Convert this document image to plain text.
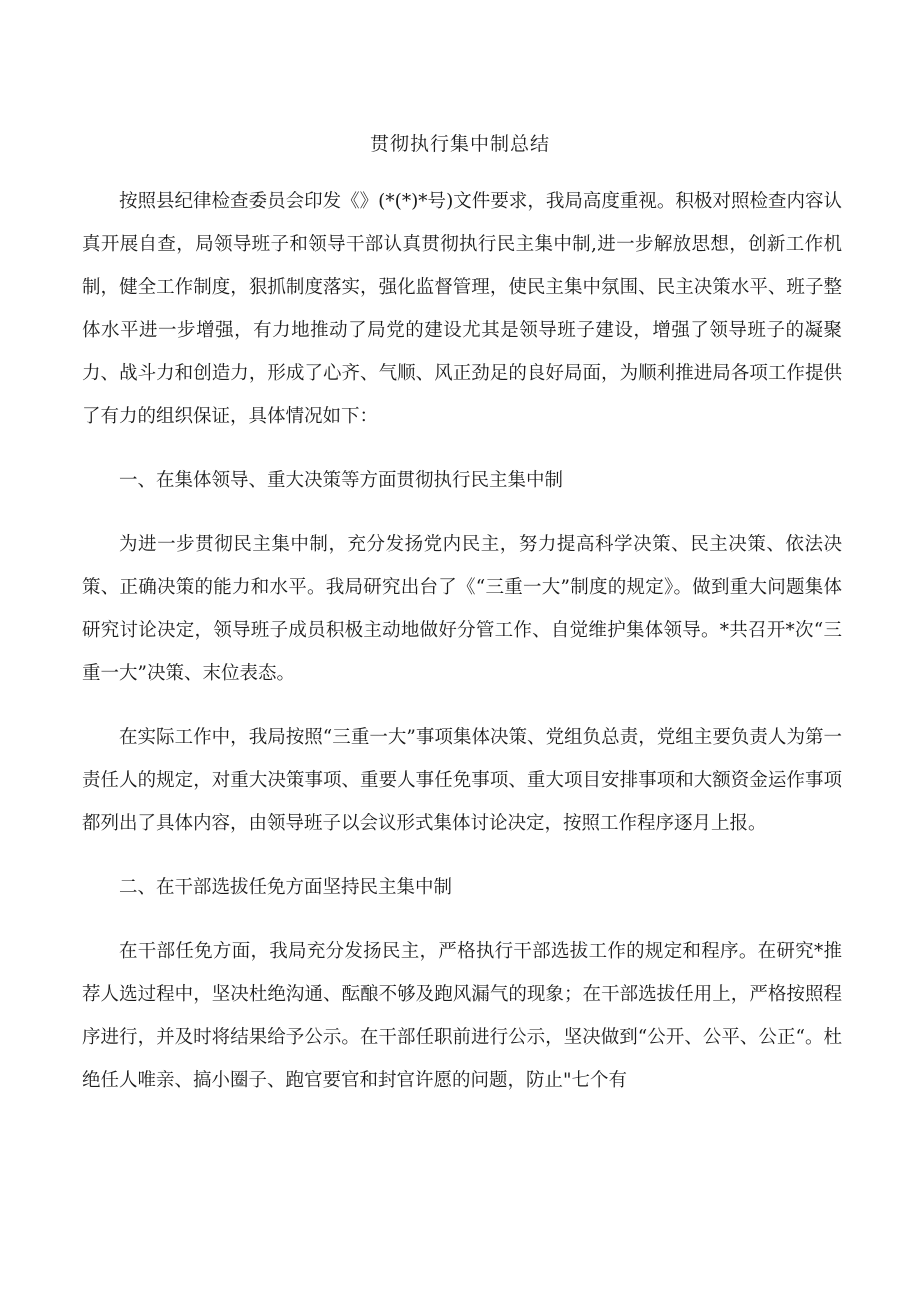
贯彻执行集中制总结

按照县纪律检查委员会印发《》(*(*)*号)文件要求，我局高度重视。积极对照检查内容认真开展自查，局领导班子和领导干部认真贯彻执行民主集中制,进一步解放思想，创新工作机制，健全工作制度，狠抓制度落实，强化监督管理，使民主集中氛围、民主决策水平、班子整体水平进一步增强，有力地推动了局党的建设尤其是领导班子建设，增强了领导班子的凝聚力、战斗力和创造力，形成了心齐、气顺、风正劲足的良好局面，为顺利推进局各项工作提供了有力的组织保证，具体情况如下：

一、在集体领导、重大决策等方面贯彻执行民主集中制

为进一步贯彻民主集中制，充分发扬党内民主，努力提高科学决策、民主决策、依法决策、正确决策的能力和水平。我局研究出台了《“三重一大”制度的规定》。做到重大问题集体研究讨论决定，领导班子成员积极主动地做好分管工作、自觉维护集体领导。*共召开*次“三重一大”决策、末位表态。

在实际工作中，我局按照“三重一大”事项集体决策、党组负总责，党组主要负责人为第一责任人的规定，对重大决策事项、重要人事任免事项、重大项目安排事项和大额资金运作事项都列出了具体内容，由领导班子以会议形式集体讨论决定，按照工作程序逐月上报。

二、在干部选拔任免方面坚持民主集中制

在干部任免方面，我局充分发扬民主，严格执行干部选拔工作的规定和程序。在研究*推荐人选过程中，坚决杜绝沟通、酝酿不够及跑风漏气的现象；在干部选拔任用上，严格按照程序进行，并及时将结果给予公示。在干部任职前进行公示，坚决做到“公开、公平、公正“。杜绝任人唯亲、搞小圈子、跑官要官和封官许愿的问题，防止"七个有
